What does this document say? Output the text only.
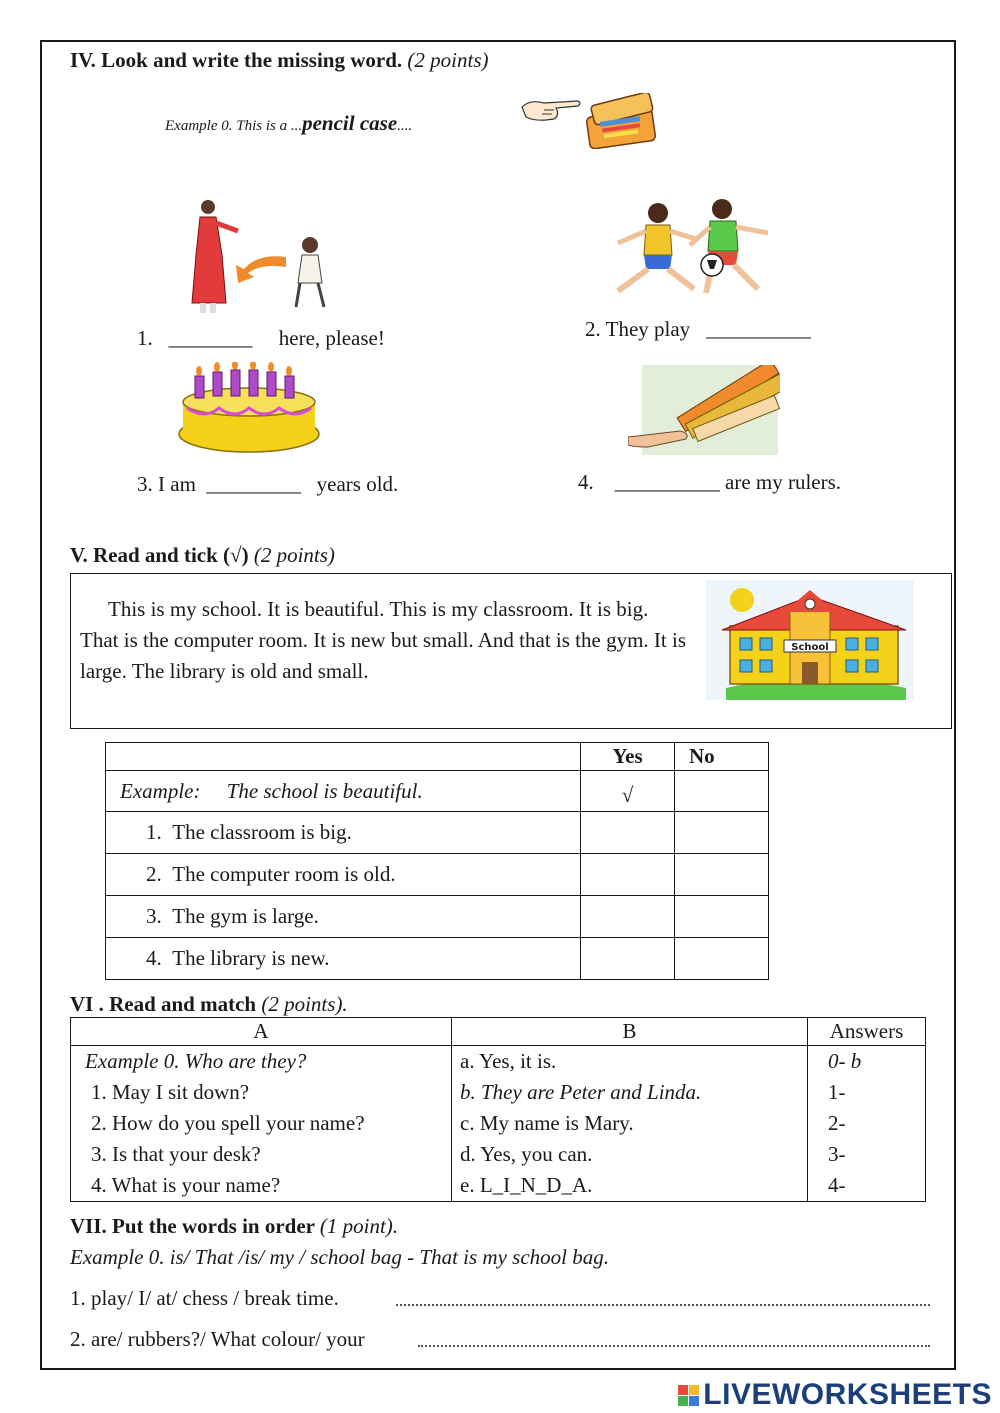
IV. Look and write the missing word. (2 points)
Example 0. This is a ...pencil case....
1. ________ here, please!	2. They play __________
3. I am _________ years old.	4. __________ are my rulers.
V. Read and tick (√) (2 points)
This is my school. It is beautiful. This is my classroom. It is big. That is the computer room. It is new but small. And that is the gym. It is large. The library is old and small.
School
	Yes	No
Example: The school is beautiful.	√	
1. The classroom is big.		
2. The computer room is old.		
3. The gym is large.		
4. The library is new.		
VI . Read and match (2 points).
A	B	Answers
Example 0. Who are they?	a. Yes, it is.	0- b
1. May I sit down?	b. They are Peter and Linda.	1-
2. How do you spell your name?	c. My name is Mary.	2-
3. Is that your desk?	d. Yes, you can.	3-
4. What is your name?	e. L_I_N_D_A.	4-
VII. Put the words in order (1 point).
Example 0. is/ That /is/ my / school bag - That is my school bag.
1. play/ I/ at/ chess / break time.
2. are/ rubbers?/ What colour/ your
LIVEWORKSHEETS
